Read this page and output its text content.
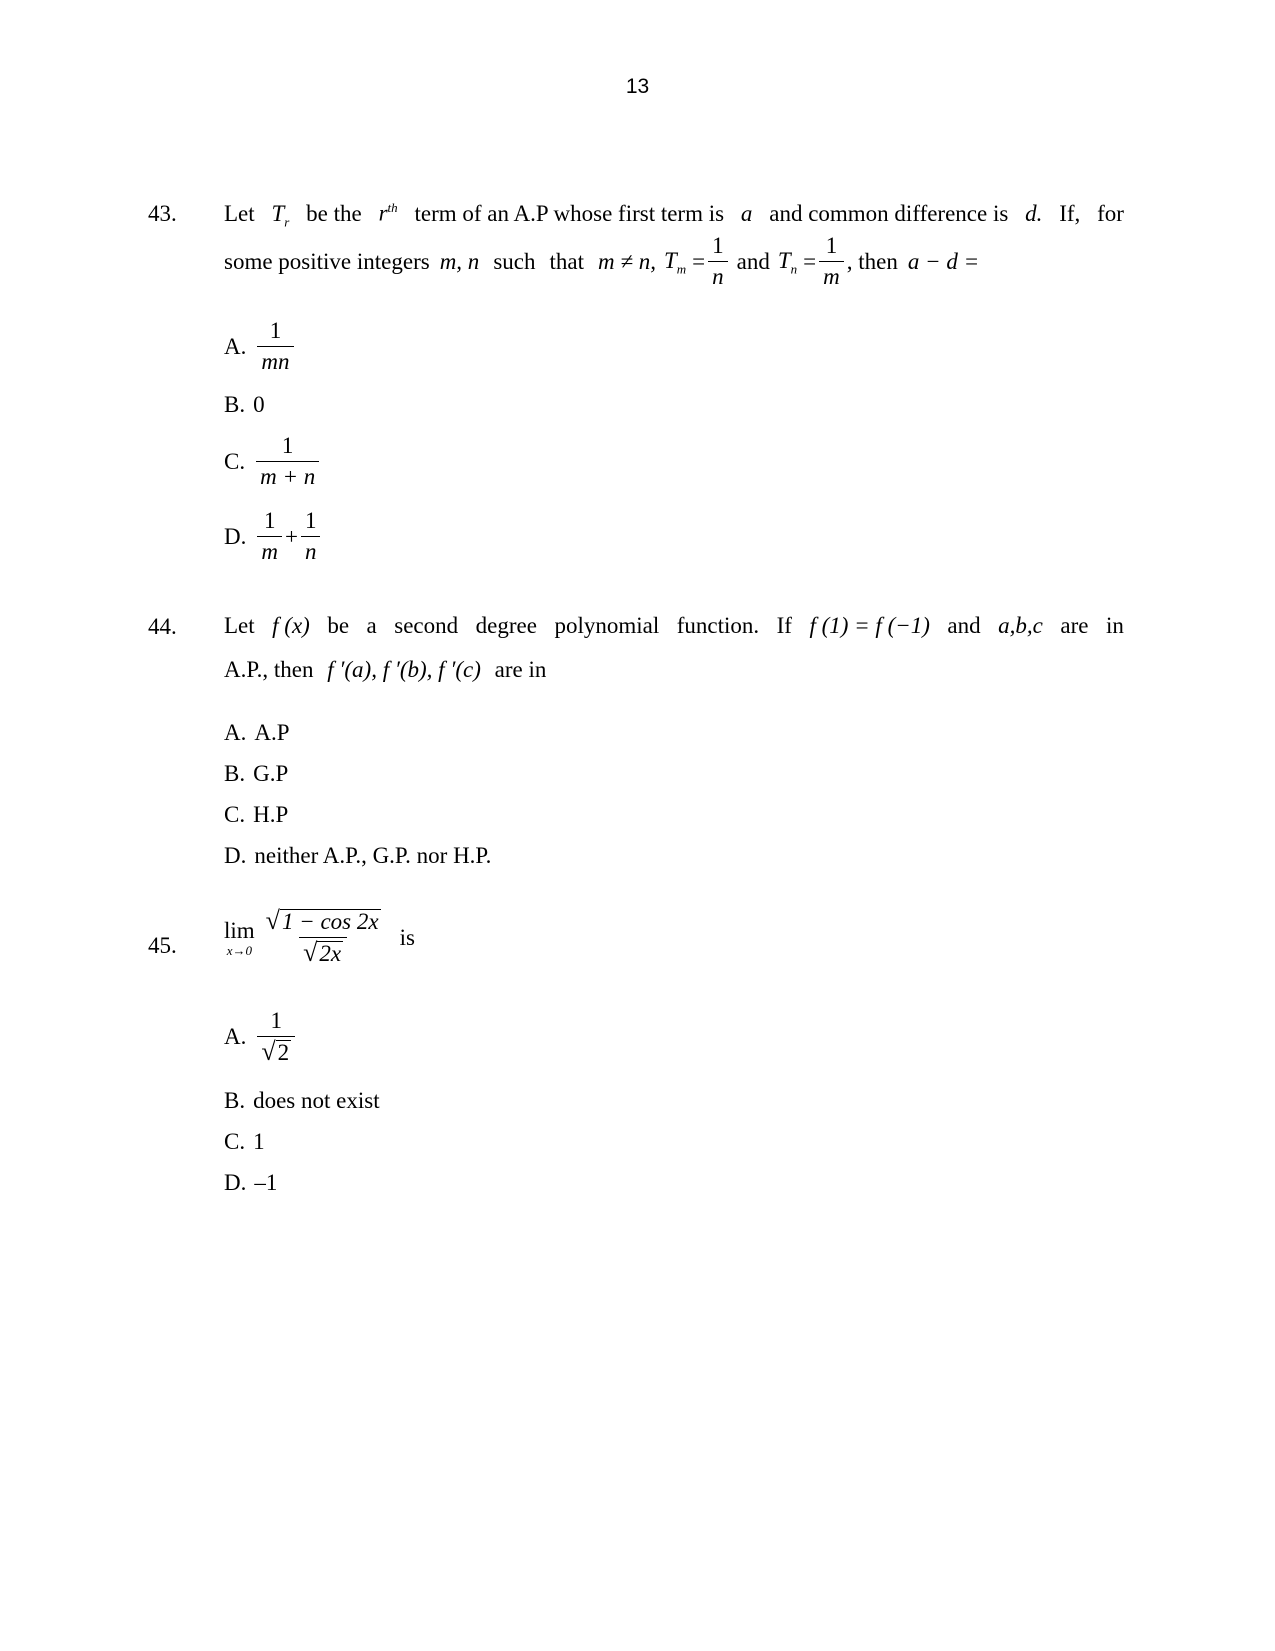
13
43. Let $T_r$ be the $r^{th}$ term of an A.P whose first term is a and common difference is d. If, for
some positive integers m, n such that m ≠ n, $T_m = \frac{1}{n}$ and $T_n = \frac{1}{m}$ , then a − d =
A. $\frac{1}{mn}$
B. 0
C. $\frac{1}{m + n}$
D. $\frac{1}{m} + \frac{1}{n}$
44. Let f (x) be a second degree polynomial function. If f (1) = f (−1) and a,b,c are in
A.P., then f ′(a), f ′(b), f ′(c) are in
A. A.P
B. G.P
C. H.P
D. neither A.P., G.P. nor H.P.
45.
lim
$x\to 0 \frac{√ 1 - \cos 2x}{√ 2x}$ is
A. $\frac{1}{√ 2}$
B. does not exist
C. 1
D. –1
